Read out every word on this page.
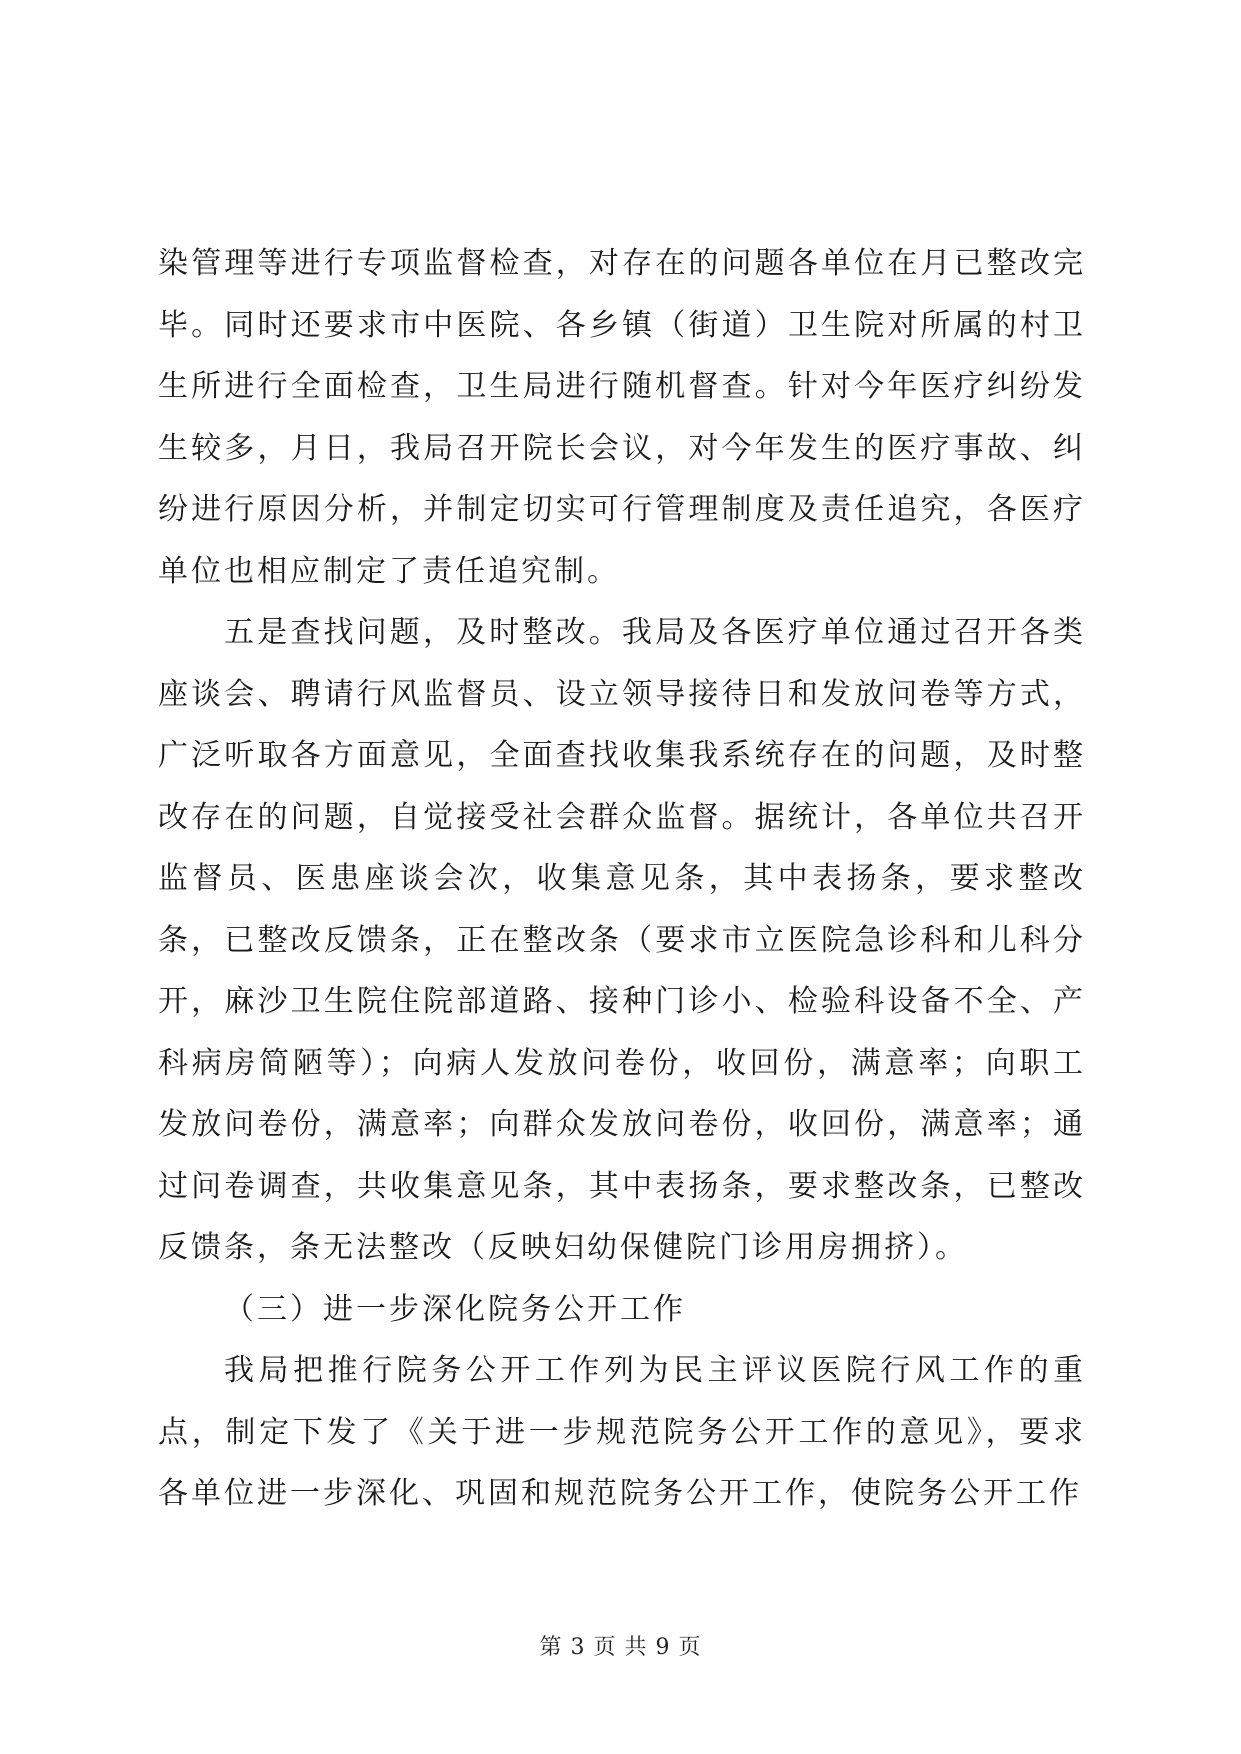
染管理等进行专项监督检查，对存在的问题各单位在月已整改完毕。同时还要求市中医院、各乡镇（街道）卫生院对所属的村卫生所进行全面检查，卫生局进行随机督查。针对今年医疗纠纷发生较多，月日，我局召开院长会议，对今年发生的医疗事故、纠纷进行原因分析，并制定切实可行管理制度及责任追究，各医疗单位也相应制定了责任追究制。

五是查找问题，及时整改。我局及各医疗单位通过召开各类座谈会、聘请行风监督员、设立领导接待日和发放问卷等方式，广泛听取各方面意见，全面查找收集我系统存在的问题，及时整改存在的问题，自觉接受社会群众监督。据统计，各单位共召开监督员、医患座谈会次，收集意见条，其中表扬条，要求整改条，已整改反馈条，正在整改条（要求市立医院急诊科和儿科分开，麻沙卫生院住院部道路、接种门诊小、检验科设备不全、产科病房简陋等）；向病人发放问卷份，收回份，满意率；向职工发放问卷份，满意率；向群众发放问卷份，收回份，满意率；通过问卷调查，共收集意见条，其中表扬条，要求整改条，已整改反馈条，条无法整改（反映妇幼保健院门诊用房拥挤）。

（三）进一步深化院务公开工作

我局把推行院务公开工作列为民主评议医院行风工作的重点，制定下发了《关于进一步规范院务公开工作的意见》，要求各单位进一步深化、巩固和规范院务公开工作，使院务公开工作

第 3 页 共 9 页
